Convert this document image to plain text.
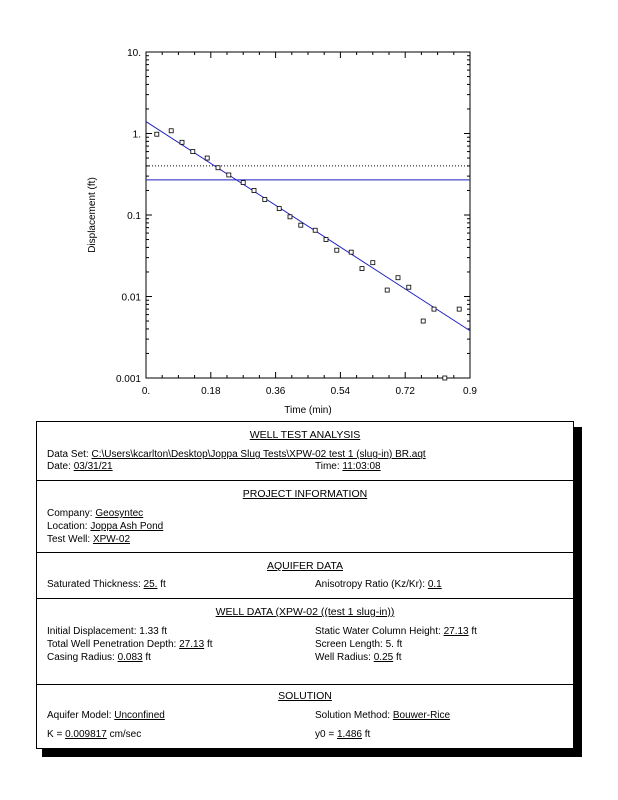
0.	0.18	0.36	0.54	0.72	0.9
0.001
0.01
0.1
1.
10.
Time (min)
Displacement (ft)
WELL TEST ANALYSIS
Data Set: C:\Users\kcarlton\Desktop\Joppa Slug Tests\XPW-02 test 1 (slug-in) BR.aqt
Date: 03/31/21	Time: 11:03:08
PROJECT INFORMATION
Company: Geosyntec
Location: Joppa Ash Pond
Test Well: XPW-02
AQUIFER DATA
Saturated Thickness: 25. ft	Anisotropy Ratio (Kz/Kr): 0.1
WELL DATA (XPW-02 ((test 1 slug-in))
Initial Displacement: 1.33 ft	Static Water Column Height: 27.13 ft
Total Well Penetration Depth: 27.13 ft	Screen Length: 5. ft
Casing Radius: 0.083 ft	Well Radius: 0.25 ft
SOLUTION
Aquifer Model: Unconfined	Solution Method: Bouwer-Rice
K = 0.009817 cm/sec	y0 = 1.486 ft
